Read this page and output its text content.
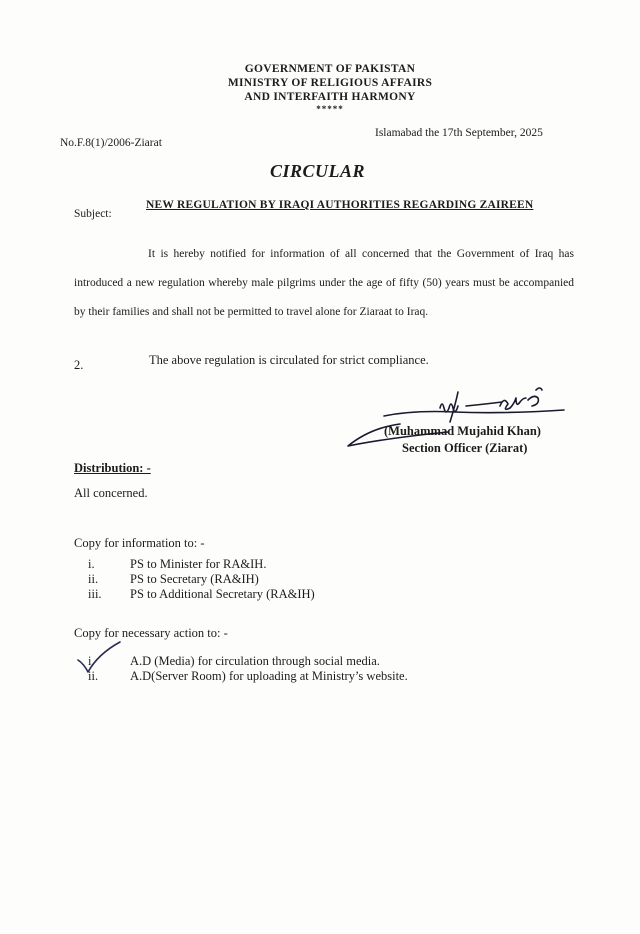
GOVERNMENT OF PAKISTAN
MINISTRY OF RELIGIOUS AFFAIRS
AND INTERFAITH HARMONY
*****
No.F.8(1)/2006-Ziarat
Islamabad the 17th September, 2025
CIRCULAR
Subject:
NEW REGULATION BY IRAQI AUTHORITIES REGARDING ZAIREEN
It is hereby notified for information of all concerned that the Government of Iraq has introduced a new regulation whereby male pilgrims under the age of fifty (50) years must be accompanied by their families and shall not be permitted to travel alone for Ziaraat to Iraq.
2.	The above regulation is circulated for strict compliance.
(Muhammad Mujahid Khan)
Section Officer (Ziarat)
Distribution: -
All concerned.
Copy for information to: -
i.	PS to Minister for RA&IH.
ii.	PS to Secretary (RA&IH)
iii.	PS to Additional Secretary (RA&IH)
Copy for necessary action to: -
i.	A.D (Media) for circulation through social media.
ii.	A.D(Server Room) for uploading at Ministry’s website.
